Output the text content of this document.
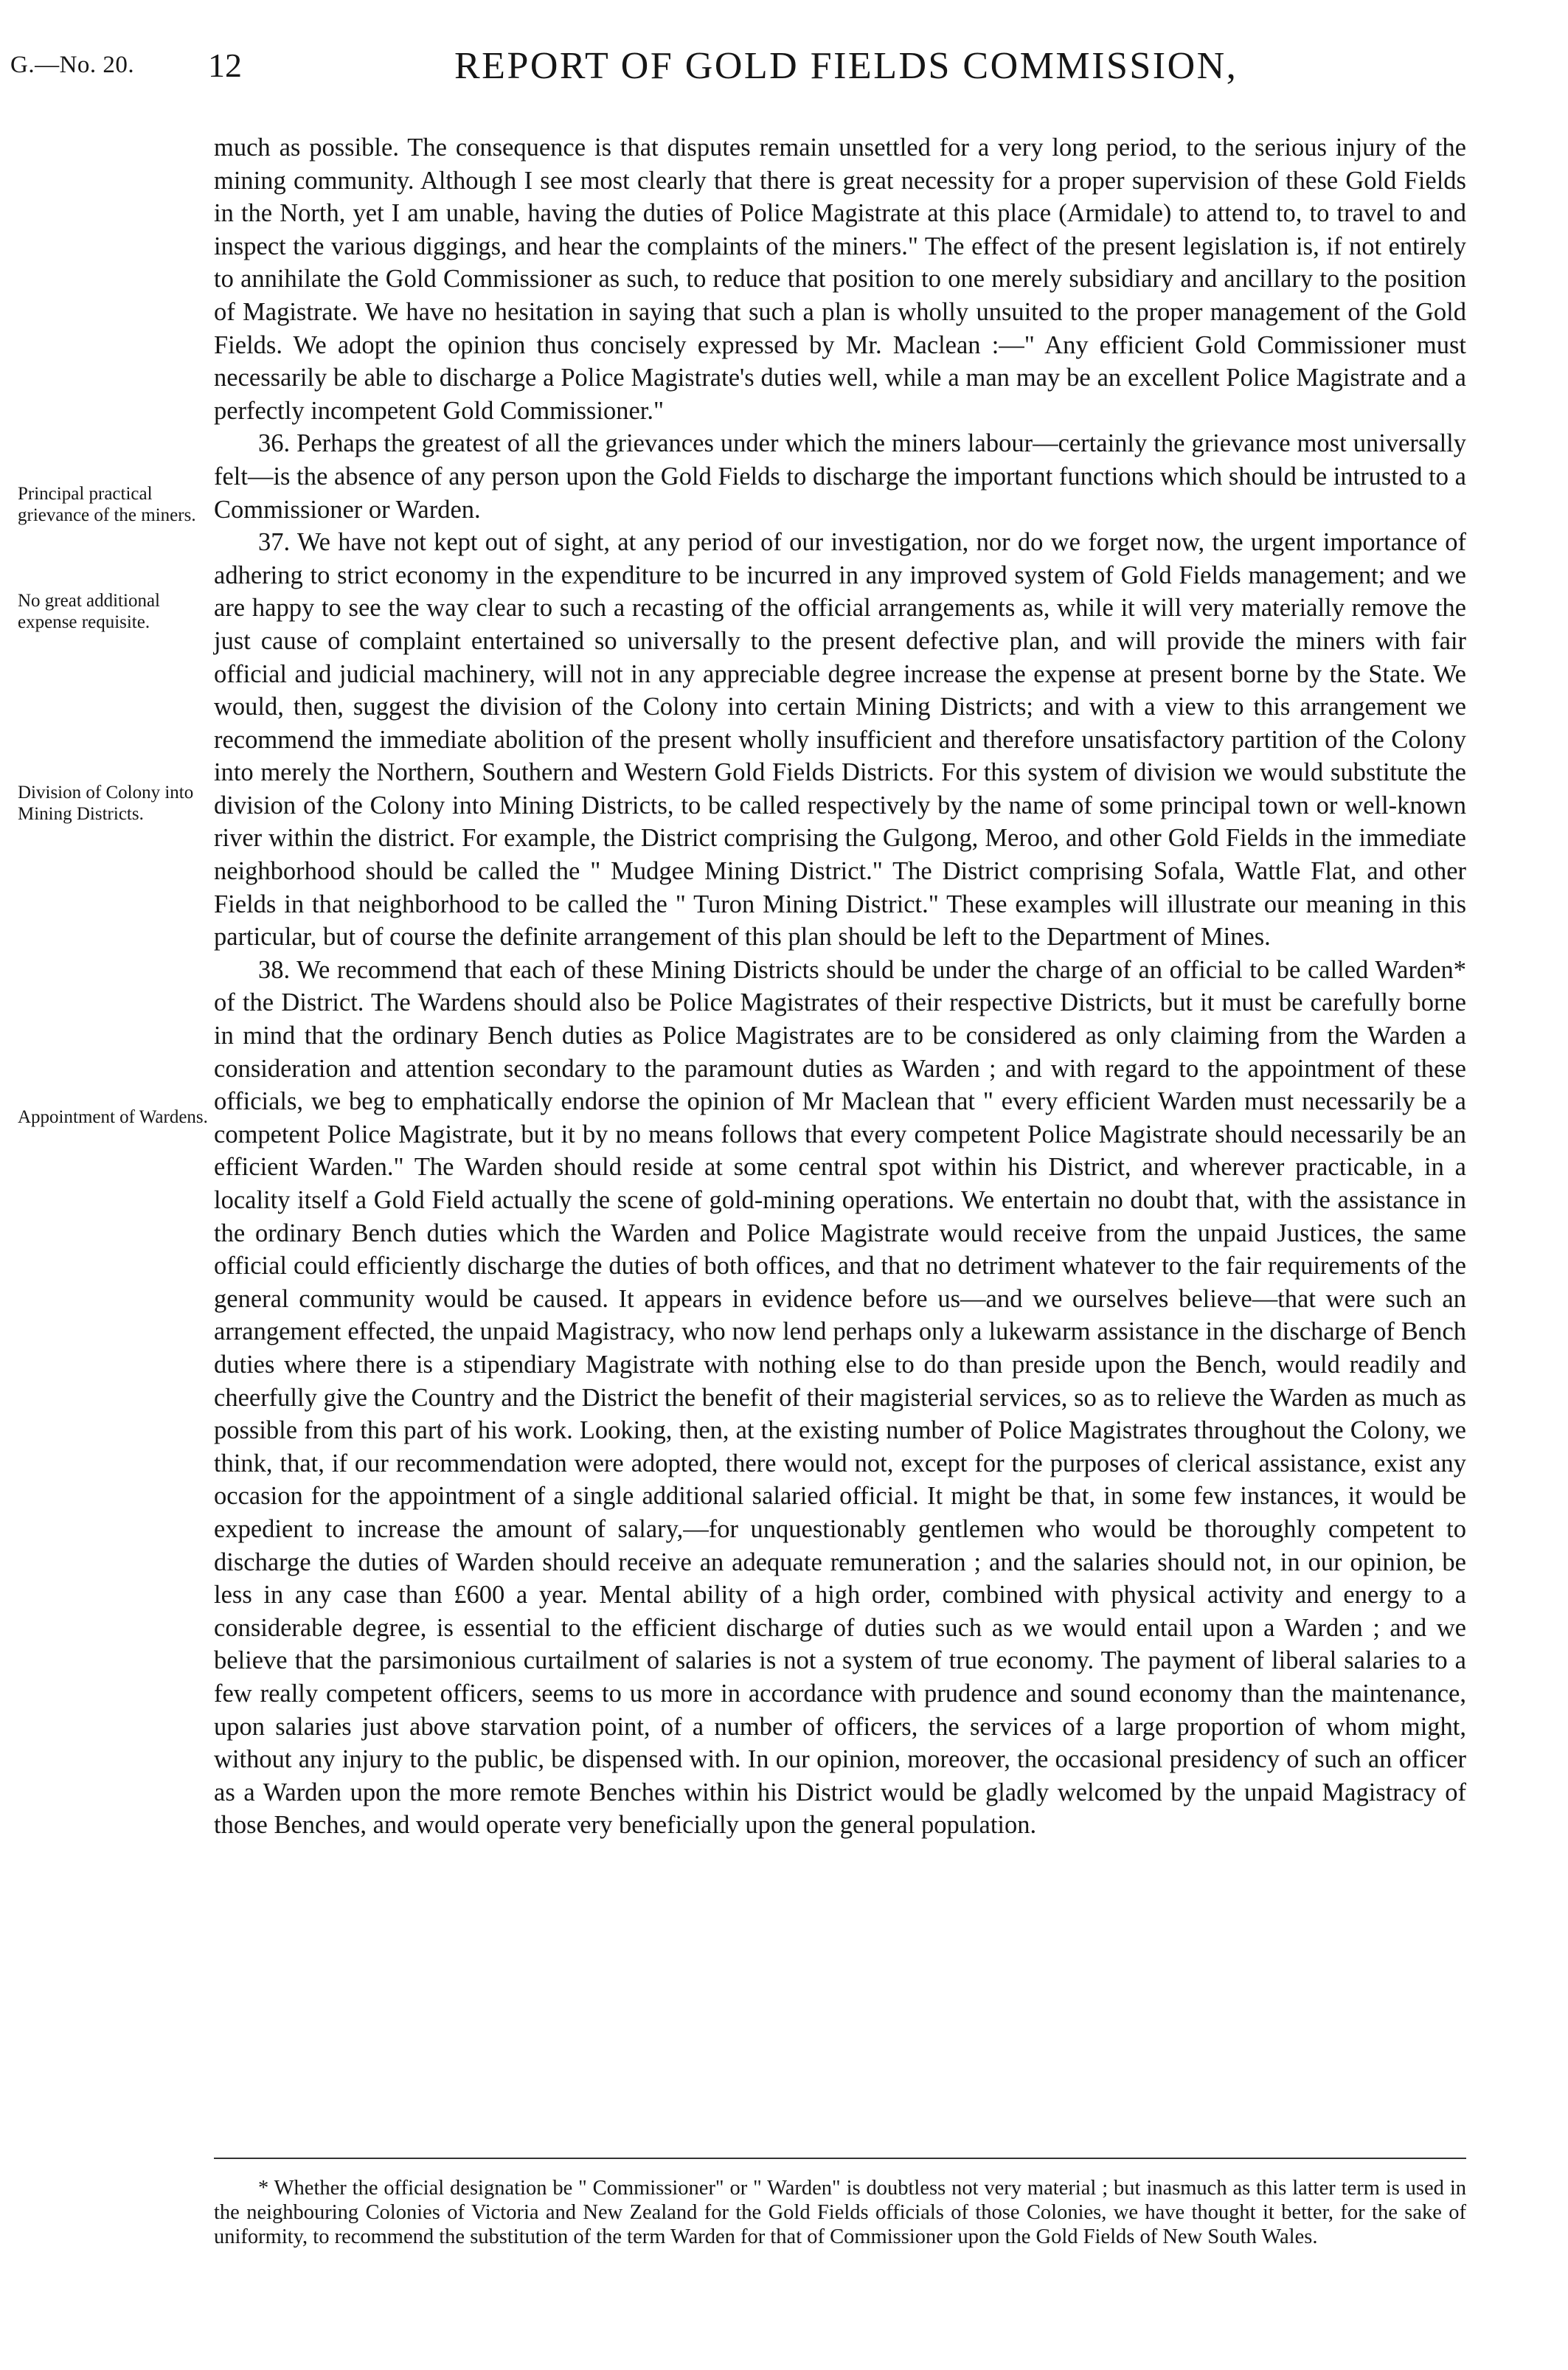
G.—No. 20. 12	REPORT OF GOLD FIELDS COMMISSION,
Principal practical grievance of the miners.
No great additional expense requisite.
Division of Colony into Mining Districts.
Appointment of Wardens.

much as possible. The consequence is that disputes remain unsettled for a very long period, to the serious injury of the mining community. Although I see most clearly that there is great necessity for a proper supervision of these Gold Fields in the North, yet I am unable, having the duties of Police Magistrate at this place (Armidale) to attend to, to travel to and inspect the various diggings, and hear the complaints of the miners." The effect of the present legislation is, if not entirely to annihilate the Gold Commissioner as such, to reduce that position to one merely subsidiary and ancillary to the position of Magistrate. We have no hesitation in saying that such a plan is wholly unsuited to the proper management of the Gold Fields. We adopt the opinion thus concisely expressed by Mr. Maclean :—" Any efficient Gold Commissioner must necessarily be able to discharge a Police Magistrate's duties well, while a man may be an excellent Police Magistrate and a perfectly incompetent Gold Commissioner."

36. Perhaps the greatest of all the grievances under which the miners labour—certainly the grievance most universally felt—is the absence of any person upon the Gold Fields to discharge the important functions which should be intrusted to a Commissioner or Warden.

37. We have not kept out of sight, at any period of our investigation, nor do we forget now, the urgent importance of adhering to strict economy in the expenditure to be incurred in any improved system of Gold Fields management; and we are happy to see the way clear to such a recasting of the official arrangements as, while it will very materially remove the just cause of complaint entertained so universally to the present defective plan, and will provide the miners with fair official and judicial machinery, will not in any appreciable degree increase the expense at present borne by the State. We would, then, suggest the division of the Colony into certain Mining Districts; and with a view to this arrangement we recommend the immediate abolition of the present wholly insufficient and therefore unsatisfactory partition of the Colony into merely the Northern, Southern and Western Gold Fields Districts. For this system of division we would substitute the division of the Colony into Mining Districts, to be called respectively by the name of some principal town or well-known river within the district. For example, the District comprising the Gulgong, Meroo, and other Gold Fields in the immediate neighborhood should be called the " Mudgee Mining District." The District comprising Sofala, Wattle Flat, and other Fields in that neighborhood to be called the " Turon Mining District." These examples will illustrate our meaning in this particular, but of course the definite arrangement of this plan should be left to the Department of Mines.

38. We recommend that each of these Mining Districts should be under the charge of an official to be called Warden* of the District. The Wardens should also be Police Magistrates of their respective Districts, but it must be carefully borne in mind that the ordinary Bench duties as Police Magistrates are to be considered as only claiming from the Warden a consideration and attention secondary to the paramount duties as Warden ; and with regard to the appointment of these officials, we beg to emphatically endorse the opinion of Mr Maclean that " every efficient Warden must necessarily be a competent Police Magistrate, but it by no means follows that every competent Police Magistrate should necessarily be an efficient Warden." The Warden should reside at some central spot within his District, and wherever practicable, in a locality itself a Gold Field actually the scene of gold-mining operations. We entertain no doubt that, with the assistance in the ordinary Bench duties which the Warden and Police Magistrate would receive from the unpaid Justices, the same official could efficiently discharge the duties of both offices, and that no detriment whatever to the fair requirements of the general community would be caused. It appears in evidence before us—and we ourselves believe—that were such an arrangement effected, the unpaid Magistracy, who now lend perhaps only a lukewarm assistance in the discharge of Bench duties where there is a stipendiary Magistrate with nothing else to do than preside upon the Bench, would readily and cheerfully give the Country and the District the benefit of their magisterial services, so as to relieve the Warden as much as possible from this part of his work. Looking, then, at the existing number of Police Magistrates throughout the Colony, we think, that, if our recommendation were adopted, there would not, except for the purposes of clerical assistance, exist any occasion for the appointment of a single additional salaried official. It might be that, in some few instances, it would be expedient to increase the amount of salary,—for unquestionably gentlemen who would be thoroughly competent to discharge the duties of Warden should receive an adequate remuneration ; and the salaries should not, in our opinion, be less in any case than £600 a year. Mental ability of a high order, combined with physical activity and energy to a considerable degree, is essential to the efficient discharge of duties such as we would entail upon a Warden ; and we believe that the parsimonious curtailment of salaries is not a system of true economy. The payment of liberal salaries to a few really competent officers, seems to us more in accordance with prudence and sound economy than the maintenance, upon salaries just above starvation point, of a number of officers, the services of a large proportion of whom might, without any injury to the public, be dispensed with. In our opinion, moreover, the occasional presidency of such an officer as a Warden upon the more remote Benches within his District would be gladly welcomed by the unpaid Magistracy of those Benches, and would operate very beneficially upon the general population.

* Whether the official designation be " Commissioner" or " Warden" is doubtless not very material ; but inasmuch as this latter term is used in the neighbouring Colonies of Victoria and New Zealand for the Gold Fields officials of those Colonies, we have thought it better, for the sake of uniformity, to recommend the substitution of the term Warden for that of Commissioner upon the Gold Fields of New South Wales.
